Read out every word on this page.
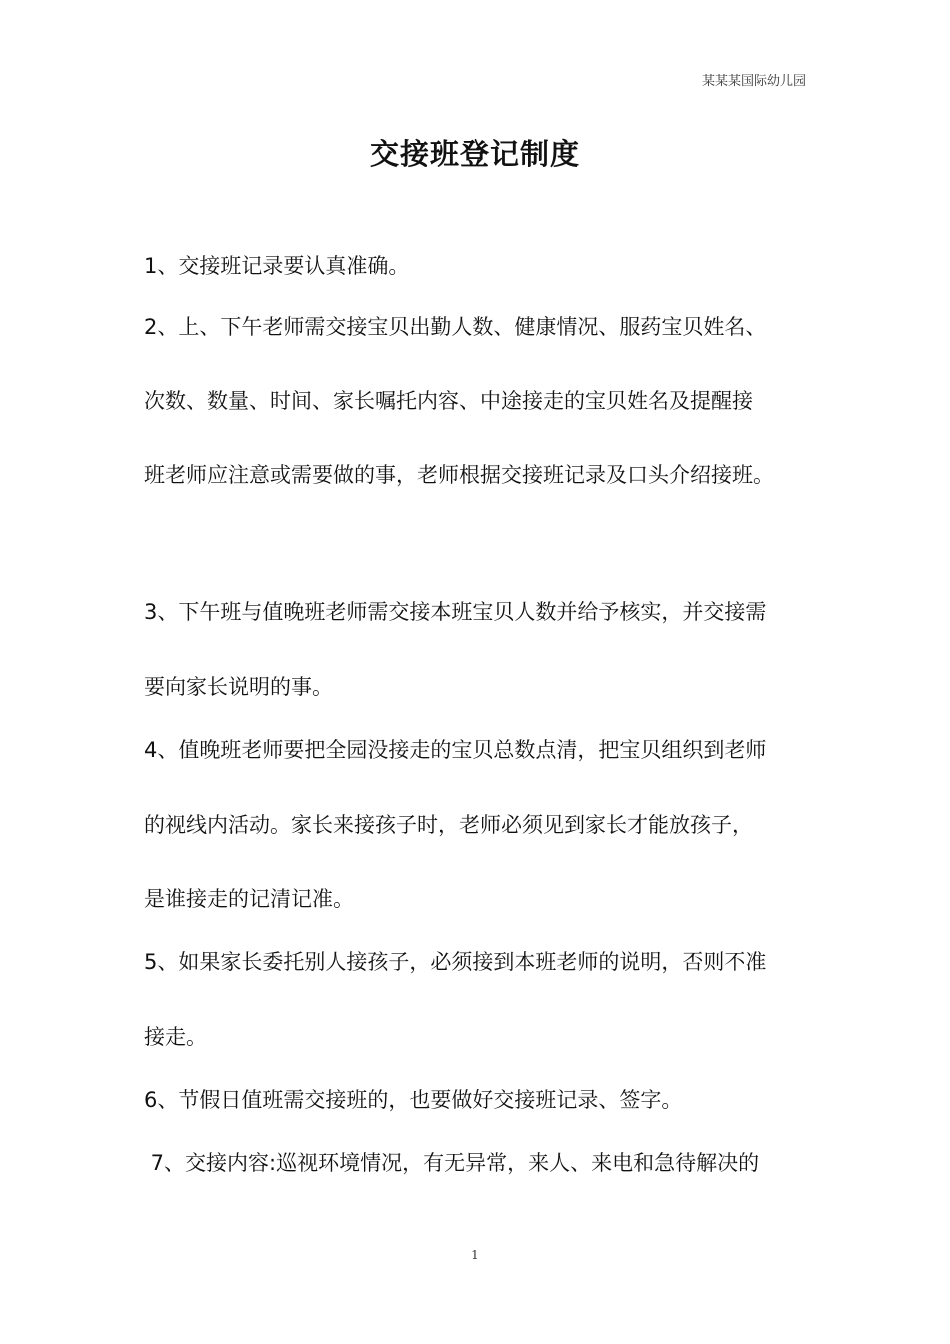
某某某国际幼儿园
交接班登记制度
1、交接班记录要认真准确。
2、上、下午老师需交接宝贝出勤人数、健康情况、服药宝贝姓名、
次数、数量、时间、家长嘱托内容、中途接走的宝贝姓名及提醒接
班老师应注意或需要做的事，老师根据交接班记录及口头介绍接班。
3、下午班与值晚班老师需交接本班宝贝人数并给予核实，并交接需
要向家长说明的事。
4、值晚班老师要把全园没接走的宝贝总数点清，把宝贝组织到老师
的视线内活动。家长来接孩子时，老师必须见到家长才能放孩子，
是谁接走的记清记准。
5、如果家长委托别人接孩子，必须接到本班老师的说明，否则不准
接走。
6、节假日值班需交接班的，也要做好交接班记录、签字。
7、交接内容:巡视环境情况，有无异常，来人、来电和急待解决的
1
